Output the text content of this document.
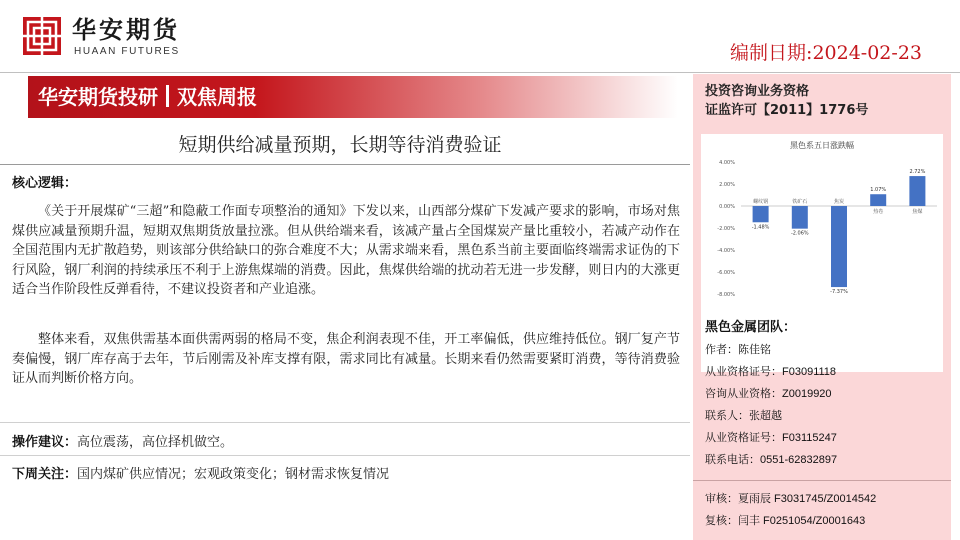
华安期货
HUAAN FUTURES	编制日期:2024-02-23
华安期货投研 双焦周报
短期供给减量预期，长期等待消费验证
核心逻辑：

《关于开展煤矿“三超”和隐蔽工作面专项整治的通知》下发以来，山西部分煤矿下发减产要求的影响，市场对焦煤供应减量预期升温，短期双焦期货放量拉涨。但从供给端来看，该减产量占全国煤炭产量比重较小，若减产动作在全国范围内无扩散趋势，则该部分供给缺口的弥合难度不大；从需求端来看，黑色系当前主要面临终端需求证伪的下行风险，钢厂利润的持续承压不利于上游焦煤端的消费。因此，焦煤供给端的扰动若无进一步发酵，则日内的大涨更适合当作阶段性反弹看待，不建议投资者和产业追涨。

整体来看，双焦供需基本面供需两弱的格局不变，焦企利润表现不佳，开工率偏低，供应维持低位。钢厂复产节奏偏慢，钢厂库存高于去年，节后刚需及补库支撑有限，需求同比有减量。长期来看仍然需要紧盯消费，等待消费验证从而判断价格方向。

操作建议：高位震荡，高位择机做空。
下周关注：国内煤矿供应情况；宏观政策变化；钢材需求恢复情况
投资咨询业务资格
证监许可【2011】1776号
黑色系五日涨跌幅
4.00%
2.00%
0.00%
-2.00%
-4.00%
-6.00%
-8.00%
-1.48%
螺纹钢
-2.06%
铁矿石
-7.37%
焦炭
1.07%
热卷
2.72%
焦煤
黑色金属团队：
作者：陈佳铭
从业资格证号：F03091118
咨询从业资格：Z0019920
联系人：张超越
从业资格证号：F03115247
联系电话：0551-62832897
审核：夏雨辰 F3031745/Z0014542
复核：闫丰 F0251054/Z0001643
